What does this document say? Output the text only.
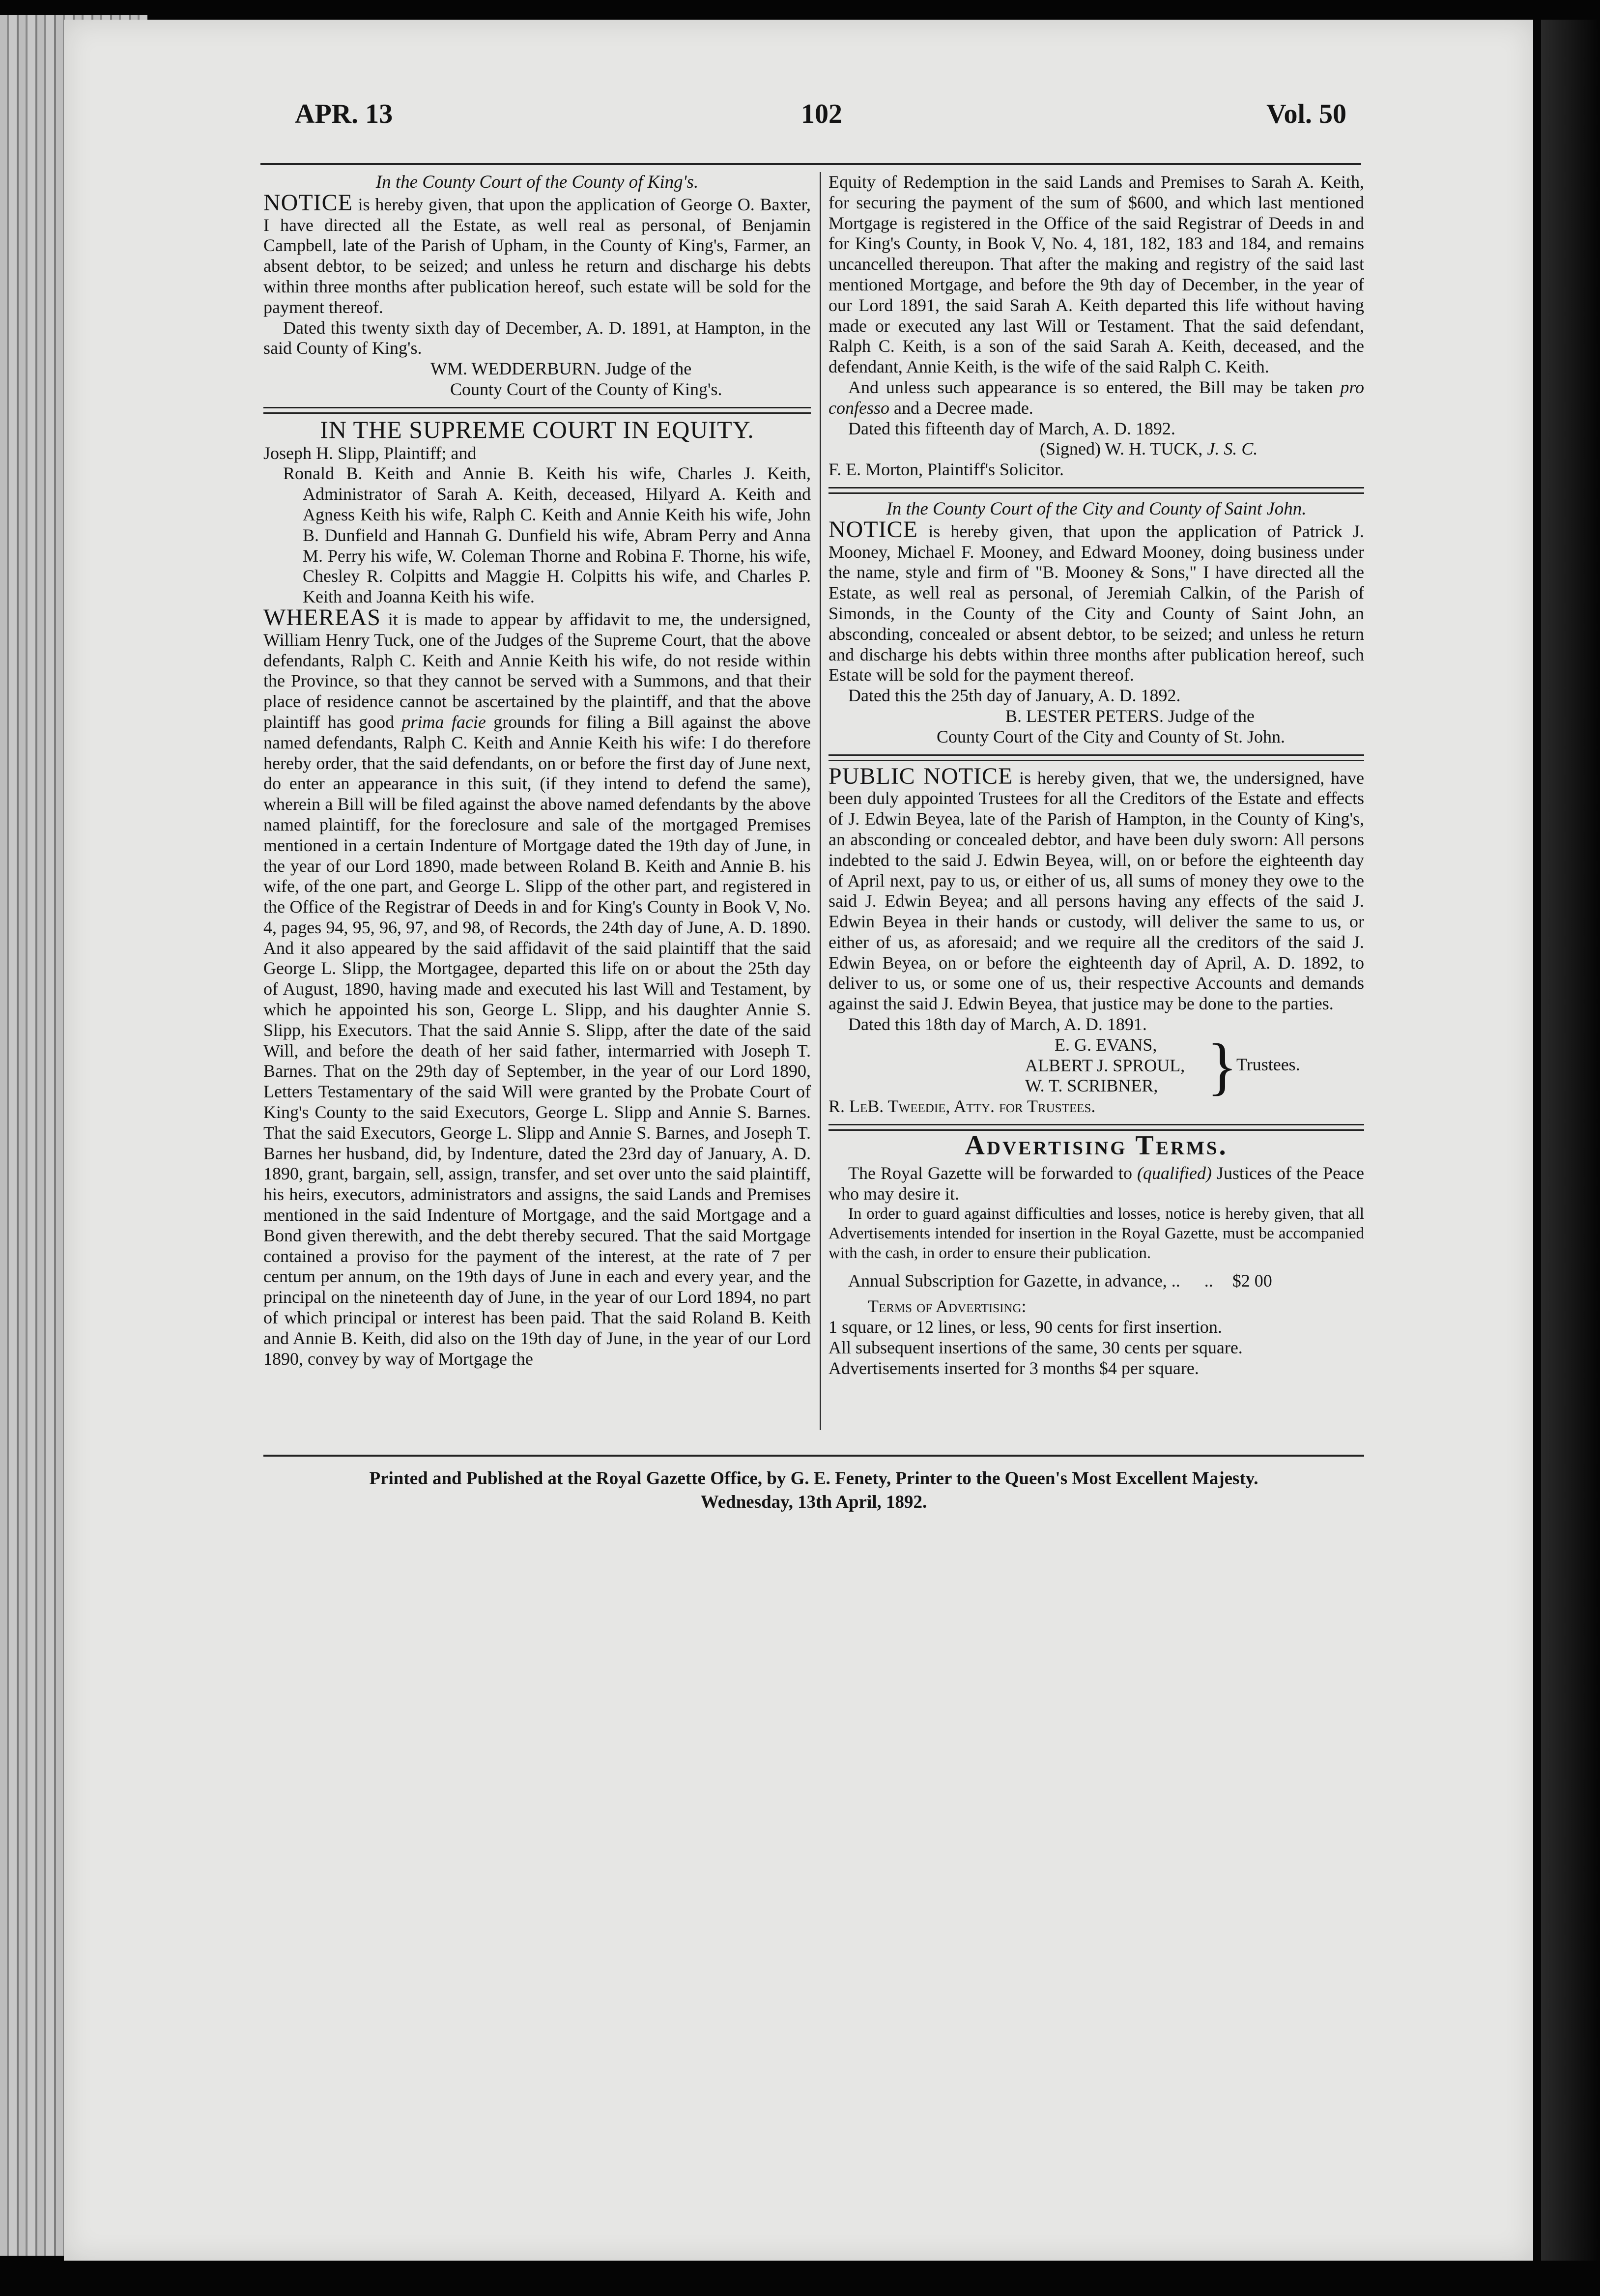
APR. 13	102	Vol. 50

In the County Court of the County of King's.

NOTICE is hereby given, that upon the application of George O. Baxter, I have directed all the Estate, as well real as personal, of Benjamin Campbell, late of the Parish of Upham, in the County of King's, Farmer, an absent debtor, to be seized; and unless he return and discharge his debts within three months after publication hereof, such estate will be sold for the payment thereof.

Dated this twenty sixth day of December, A. D. 1891, at Hampton, in the said County of King's.

WM. WEDDERBURN. Judge of the

County Court of the County of King's.

IN THE SUPREME COURT IN EQUITY.

Joseph H. Slipp, Plaintiff; and

Ronald B. Keith and Annie B. Keith his wife, Charles J. Keith, Administrator of Sarah A. Keith, deceased, Hilyard A. Keith and Agness Keith his wife, Ralph C. Keith and Annie Keith his wife, John B. Dunfield and Hannah G. Dunfield his wife, Abram Perry and Anna M. Perry his wife, W. Coleman Thorne and Robina F. Thorne, his wife, Chesley R. Colpitts and Maggie H. Colpitts his wife, and Charles P. Keith and Joanna Keith his wife.

WHEREAS it is made to appear by affidavit to me, the undersigned, William Henry Tuck, one of the Judges of the Supreme Court, that the above defendants, Ralph C. Keith and Annie Keith his wife, do not reside within the Province, so that they cannot be served with a Summons, and that their place of residence cannot be ascertained by the plaintiff, and that the above plaintiff has good prima facie grounds for filing a Bill against the above named defendants, Ralph C. Keith and Annie Keith his wife: I do therefore hereby order, that the said defendants, on or before the first day of June next, do enter an appearance in this suit, (if they intend to defend the same), wherein a Bill will be filed against the above named defendants by the above named plaintiff, for the foreclosure and sale of the mortgaged Premises mentioned in a certain Indenture of Mortgage dated the 19th day of June, in the year of our Lord 1890, made between Roland B. Keith and Annie B. his wife, of the one part, and George L. Slipp of the other part, and registered in the Office of the Registrar of Deeds in and for King's County in Book V, No. 4, pages 94, 95, 96, 97, and 98, of Records, the 24th day of June, A. D. 1890. And it also appeared by the said affidavit of the said plaintiff that the said George L. Slipp, the Mortgagee, departed this life on or about the 25th day of August, 1890, having made and executed his last Will and Testament, by which he appointed his son, George L. Slipp, and his daughter Annie S. Slipp, his Executors. That the said Annie S. Slipp, after the date of the said Will, and before the death of her said father, intermarried with Joseph T. Barnes. That on the 29th day of September, in the year of our Lord 1890, Letters Testamentary of the said Will were granted by the Probate Court of King's County to the said Executors, George L. Slipp and Annie S. Barnes. That the said Executors, George L. Slipp and Annie S. Barnes, and Joseph T. Barnes her husband, did, by Indenture, dated the 23rd day of January, A. D. 1890, grant, bargain, sell, assign, transfer, and set over unto the said plaintiff, his heirs, executors, administrators and assigns, the said Lands and Premises mentioned in the said Indenture of Mortgage, and the said Mortgage and a Bond given therewith, and the debt thereby secured. That the said Mortgage contained a proviso for the payment of the interest, at the rate of 7 per centum per annum, on the 19th days of June in each and every year, and the principal on the nineteenth day of June, in the year of our Lord 1894, no part of which principal or interest has been paid. That the said Roland B. Keith and Annie B. Keith, did also on the 19th day of June, in the year of our Lord 1890, convey by way of Mortgage the

Equity of Redemption in the said Lands and Premises to Sarah A. Keith, for securing the payment of the sum of $600, and which last mentioned Mortgage is registered in the Office of the said Registrar of Deeds in and for King's County, in Book V, No. 4, 181, 182, 183 and 184, and remains uncancelled thereupon. That after the making and registry of the said last mentioned Mortgage, and before the 9th day of December, in the year of our Lord 1891, the said Sarah A. Keith departed this life without having made or executed any last Will or Testament. That the said defendant, Ralph C. Keith, is a son of the said Sarah A. Keith, deceased, and the defendant, Annie Keith, is the wife of the said Ralph C. Keith.

And unless such appearance is so entered, the Bill may be taken pro confesso and a Decree made.

Dated this fifteenth day of March, A. D. 1892.

(Signed) W. H. TUCK, J. S. C.

F. E. Morton, Plaintiff's Solicitor.

In the County Court of the City and County of Saint John.

NOTICE is hereby given, that upon the application of Patrick J. Mooney, Michael F. Mooney, and Edward Mooney, doing business under the name, style and firm of "B. Mooney & Sons," I have directed all the Estate, as well real as personal, of Jeremiah Calkin, of the Parish of Simonds, in the County of the City and County of Saint John, an absconding, concealed or absent debtor, to be seized; and unless he return and discharge his debts within three months after publication hereof, such Estate will be sold for the payment thereof.

Dated this the 25th day of January, A. D. 1892.

B. LESTER PETERS. Judge of the

County Court of the City and County of St. John.

PUBLIC NOTICE is hereby given, that we, the undersigned, have been duly appointed Trustees for all the Creditors of the Estate and effects of J. Edwin Beyea, late of the Parish of Hampton, in the County of King's, an absconding or concealed debtor, and have been duly sworn: All persons indebted to the said J. Edwin Beyea, will, on or before the eighteenth day of April next, pay to us, or either of us, all sums of money they owe to the said J. Edwin Beyea; and all persons having any effects of the said J. Edwin Beyea in their hands or custody, will deliver the same to us, or either of us, as aforesaid; and we require all the creditors of the said J. Edwin Beyea, on or before the eighteenth day of April, A. D. 1892, to deliver to us, or some one of us, their respective Accounts and demands against the said J. Edwin Beyea, that justice may be done to the parties.

Dated this 18th day of March, A. D. 1891.

E. G. EVANS,

ALBERT J. SPROUL,

W. T. SCRIBNER, }
Trustees.

R. LeB. Tweedie, Atty. for Trustees.

Advertising Terms.

The Royal Gazette will be forwarded to (qualified) Justices of the Peace who may desire it.

In order to guard against difficulties and losses, notice is hereby given, that all Advertisements intended for insertion in the Royal Gazette, must be accompanied with the cash, in order to ensure their publication.

Annual Subscription for Gazette, in advance, .. .. $2 00

Terms of Advertising:

1 square, or 12 lines, or less, 90 cents for first insertion.

All subsequent insertions of the same, 30 cents per square.

Advertisements inserted for 3 months $4 per square.

Printed and Published at the Royal Gazette Office, by G. E. Fenety, Printer to the Queen's Most Excellent Majesty.

Wednesday, 13th April, 1892.
